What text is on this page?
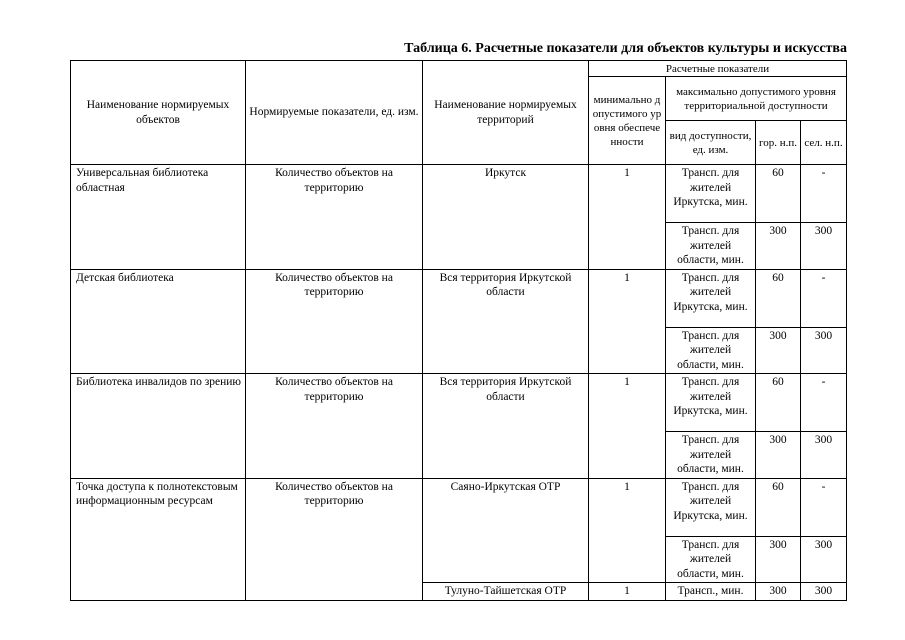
Таблица 6. Расчетные показатели для объектов культуры и искусства
Наименование нормируемых объектов	Нормируемые показатели, ед. изм.	Наименование нормируемых территорий	Расчетные показатели			
			минимально допустимого уровня обеспеченности	максимально допустимого уровня территориальной доступности		
				вид доступности, ед. изм.	гор. н.п.	сел. н.п.
Универсальная библиотека областная	Количество объектов на территорию	Иркутск	1	Трансп. для жителей Иркутска, мин.	60	-
				Трансп. для жителей области, мин.	300	300
Детская библиотека	Количество объектов на территорию	Вся территория Иркутской области	1	Трансп. для жителей Иркутска, мин.	60	-
				Трансп. для жителей области, мин.	300	300
Библиотека инвалидов по зрению	Количество объектов на территорию	Вся территория Иркутской области	1	Трансп. для жителей Иркутска, мин.	60	-
				Трансп. для жителей области, мин.	300	300
Точка доступа к полнотекстовым информационным ресурсам	Количество объектов на территорию	Саяно-Иркутская ОТР	1	Трансп. для жителей Иркутска, мин.	60	-
				Трансп. для жителей области, мин.	300	300
		Тулуно-Тайшетская ОТР	1	Трансп., мин.	300	300
